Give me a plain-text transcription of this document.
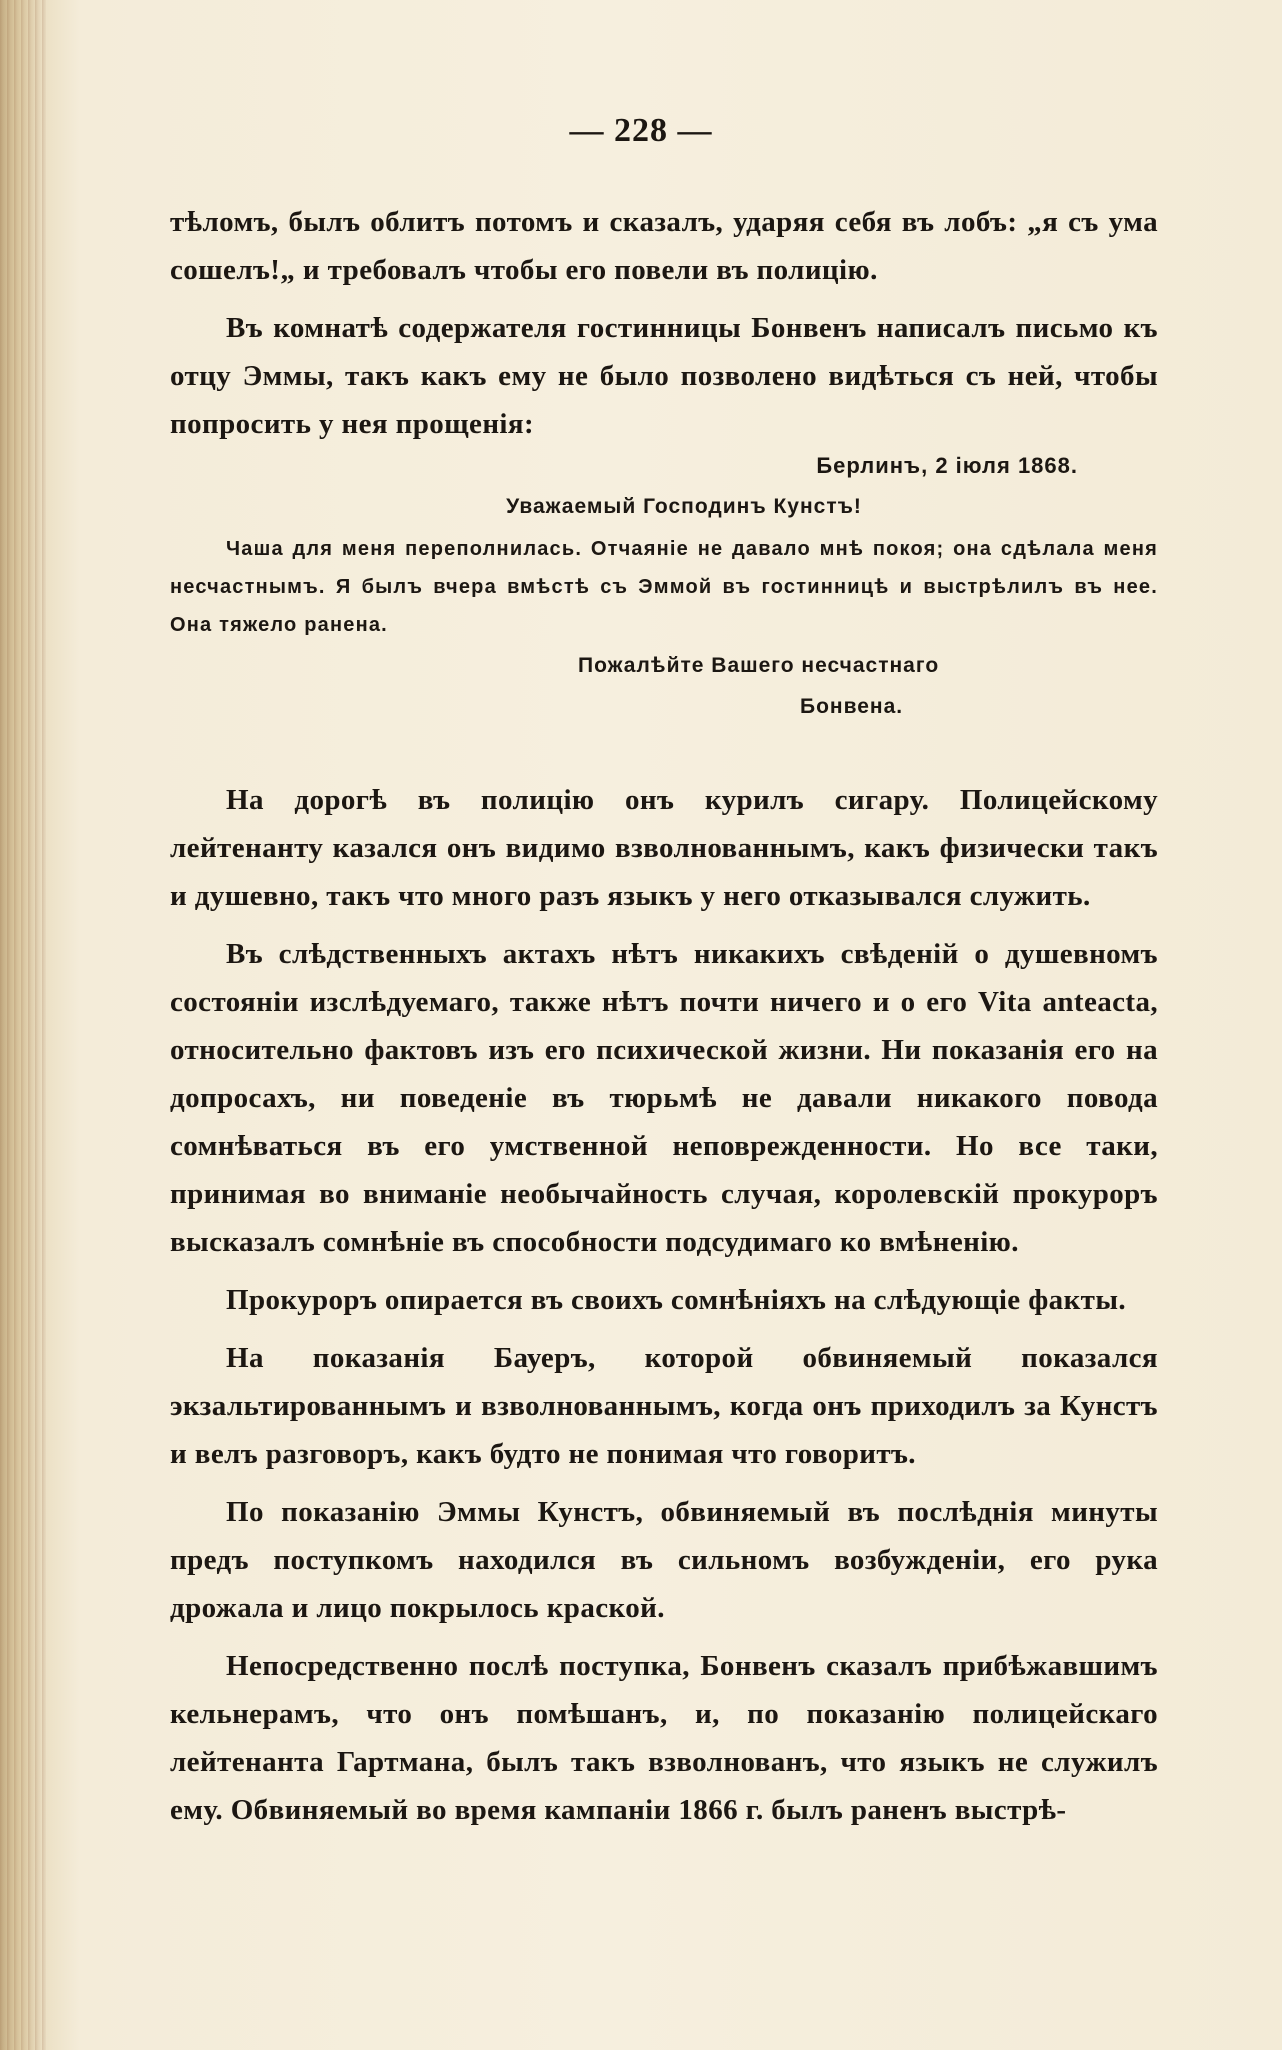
— 228 —

тѣломъ, былъ облитъ потомъ и сказалъ, ударяя себя въ лобъ: „я съ ума сошелъ!„ и требовалъ чтобы его повели въ полицію.

Въ комнатѣ содержателя гостинницы Бонвенъ написалъ письмо къ отцу Эммы, такъ какъ ему не было позволено видѣться съ ней, чтобы попросить у нея прощенія:

Берлинъ, 2 іюля 1868.
Уважаемый Господинъ Кунстъ!

Чаша для меня переполнилась. Отчаяніе не давало мнѣ покоя; она сдѣлала меня несчастнымъ. Я былъ вчера вмѣстѣ съ Эммой въ гостинницѣ и выстрѣлилъ въ нее. Она тяжело ранена.

Пожалѣйте Вашего несчастнаго
Бонвена.

На дорогѣ въ полицію онъ курилъ сигару. Полицейскому лейтенанту казался онъ видимо взволнованнымъ, какъ физически такъ и душевно, такъ что много разъ языкъ у него отказывался служить.

Въ слѣдственныхъ актахъ нѣтъ никакихъ свѣденій о душевномъ состояніи изслѣдуемаго, также нѣтъ почти ничего и о его Vita anteacta, относительно фактовъ изъ его психической жизни. Ни показанія его на допросахъ, ни поведеніе въ тюрьмѣ не давали никакого повода сомнѣваться въ его умственной неповрежденности. Но все таки, принимая во вниманіе необычайность случая, королевскій прокуроръ высказалъ сомнѣніе въ способности подсудимаго ко вмѣненію.

Прокуроръ опирается въ своихъ сомнѣніяхъ на слѣдующіе факты.

На показанія Бауеръ, которой обвиняемый показался экзальтированнымъ и взволнованнымъ, когда онъ приходилъ за Кунстъ и велъ разговоръ, какъ будто не понимая что говоритъ.

По показанію Эммы Кунстъ, обвиняемый въ послѣднія минуты предъ поступкомъ находился въ сильномъ возбужденіи, его рука дрожала и лицо покрылось краской.

Непосредственно послѣ поступка, Бонвенъ сказалъ прибѣжавшимъ кельнерамъ, что онъ помѣшанъ, и, по показанію полицейскаго лейтенанта Гартмана, былъ такъ взволнованъ, что языкъ не служилъ ему. Обвиняемый во время кампаніи 1866 г. былъ раненъ выстрѣ-
